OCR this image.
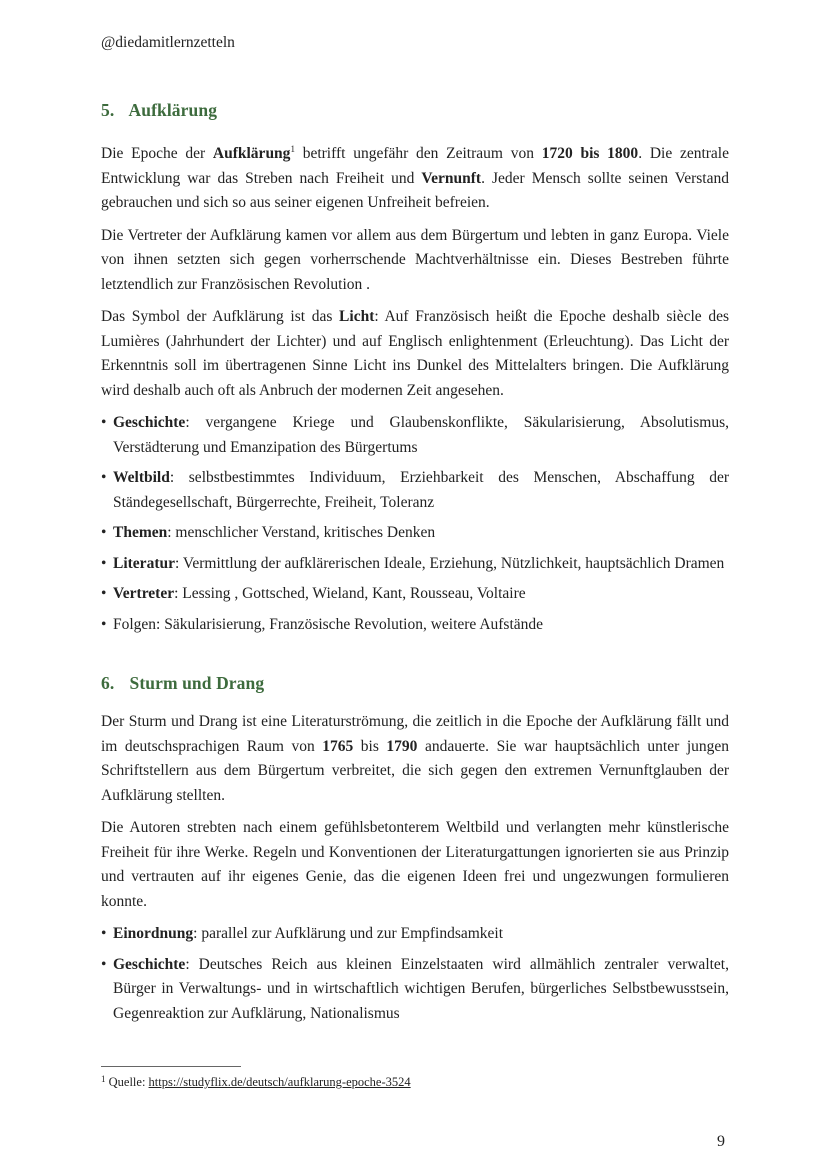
@diedamitlernzetteln
5. Aufklärung

Die Epoche der Aufklärung$^1$ betrifft ungefähr den Zeitraum von 1720 bis 1800. Die zentrale Entwicklung war das Streben nach Freiheit und Vernunft. Jeder Mensch sollte seinen Verstand gebrauchen und sich so aus seiner eigenen Unfreiheit befreien.

Die Vertreter der Aufklärung kamen vor allem aus dem Bürgertum und lebten in ganz Europa. Viele von ihnen setzten sich gegen vorherrschende Machtverhältnisse ein. Dieses Bestreben führte letztendlich zur Französischen Revolution .

Das Symbol der Aufklärung ist das Licht: Auf Französisch heißt die Epoche deshalb siècle des Lumières (Jahrhundert der Lichter) und auf Englisch enlightenment (Erleuchtung). Das Licht der Erkenntnis soll im übertragenen Sinne Licht ins Dunkel des Mittelalters bringen. Die Aufklärung wird deshalb auch oft als Anbruch der modernen Zeit angesehen.

• Geschichte: vergangene Kriege und Glaubenskonflikte, Säkularisierung, Absolutismus, Verstädterung und Emanzipation des Bürgertums
• Weltbild: selbstbestimmtes Individuum, Erziehbarkeit des Menschen, Abschaffung der Ständegesellschaft, Bürgerrechte, Freiheit, Toleranz
• Themen: menschlicher Verstand, kritisches Denken
• Literatur: Vermittlung der aufklärerischen Ideale, Erziehung, Nützlichkeit, hauptsächlich Dramen
• Vertreter: Lessing , Gottsched, Wieland, Kant, Rousseau, Voltaire
• Folgen: Säkularisierung, Französische Revolution, weitere Aufstände
6. Sturm und Drang

Der Sturm und Drang ist eine Literaturströmung, die zeitlich in die Epoche der Aufklärung fällt und im deutschsprachigen Raum von 1765 bis 1790 andauerte. Sie war hauptsächlich unter jungen Schriftstellern aus dem Bürgertum verbreitet, die sich gegen den extremen Vernunftglauben der Aufklärung stellten.

Die Autoren strebten nach einem gefühlsbetonterem Weltbild und verlangten mehr künstlerische Freiheit für ihre Werke. Regeln und Konventionen der Literaturgattungen ignorierten sie aus Prinzip und vertrauten auf ihr eigenes Genie, das die eigenen Ideen frei und ungezwungen formulieren konnte.

• Einordnung: parallel zur Aufklärung und zur Empfindsamkeit
• Geschichte: Deutsches Reich aus kleinen Einzelstaaten wird allmählich zentraler verwaltet, Bürger in Verwaltungs- und in wirtschaftlich wichtigen Berufen, bürgerliches Selbstbewusstsein, Gegenreaktion zur Aufklärung, Nationalismus
$^1$ Quelle: https://studyflix.de/deutsch/aufklarung-epoche-3524
9
